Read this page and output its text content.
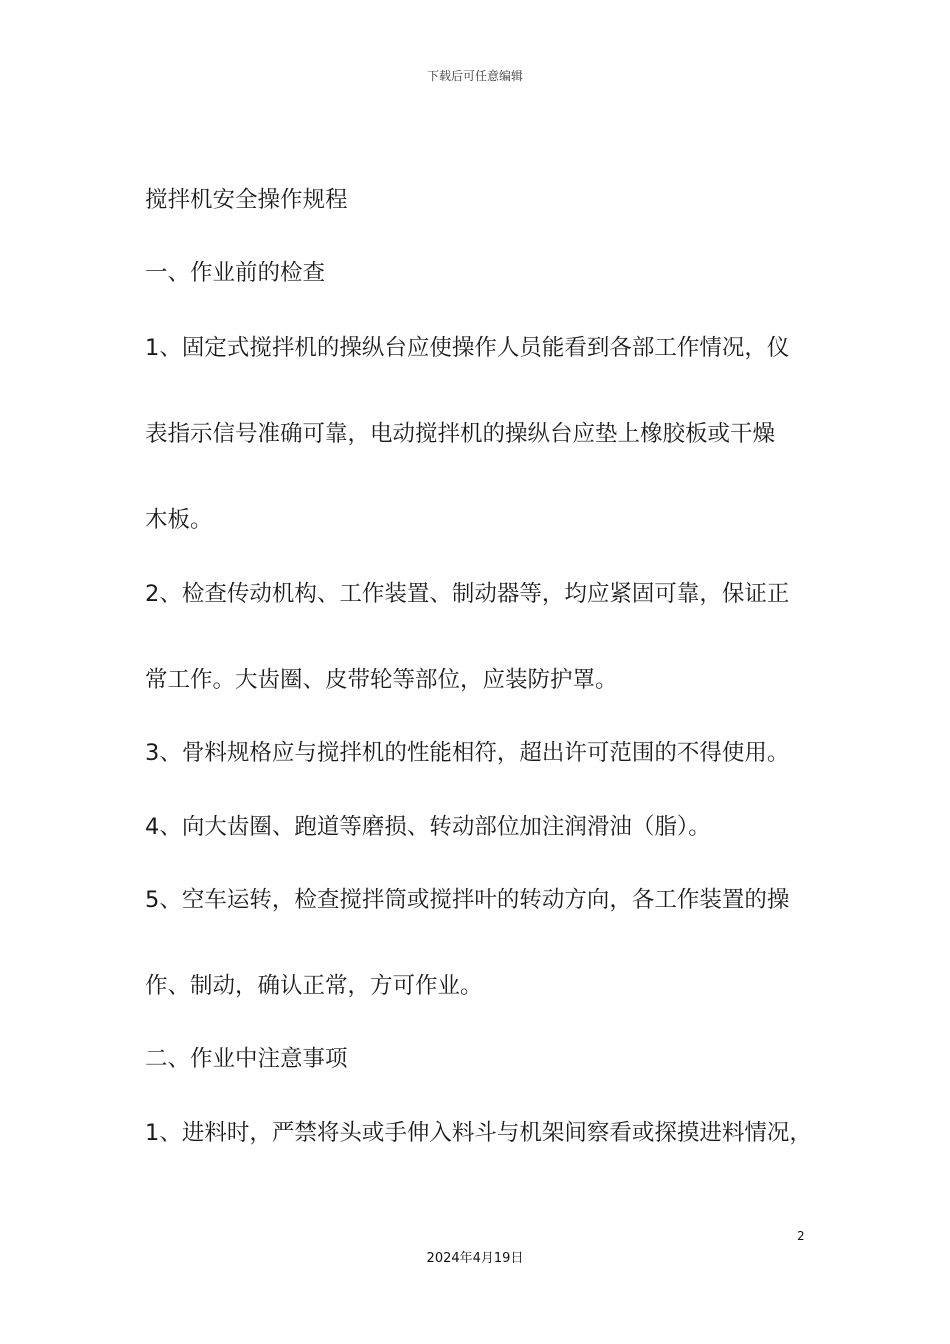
下载后可任意编辑
搅拌机安全操作规程
一、作业前的检查
1、固定式搅拌机的操纵台应使操作人员能看到各部工作情况，仪
表指示信号准确可靠，电动搅拌机的操纵台应垫上橡胶板或干燥
木板。
2、检查传动机构、工作装置、制动器等，均应紧固可靠，保证正
常工作。大齿圈、皮带轮等部位，应装防护罩。
3、骨料规格应与搅拌机的性能相符，超出许可范围的不得使用。
4、向大齿圈、跑道等磨损、转动部位加注润滑油（脂）。
5、空车运转，检查搅拌筒或搅拌叶的转动方向，各工作装置的操
作、制动，确认正常，方可作业。
二、作业中注意事项
1、进料时，严禁将头或手伸入料斗与机架间察看或探摸进料情况，
2
2024年4月19日
